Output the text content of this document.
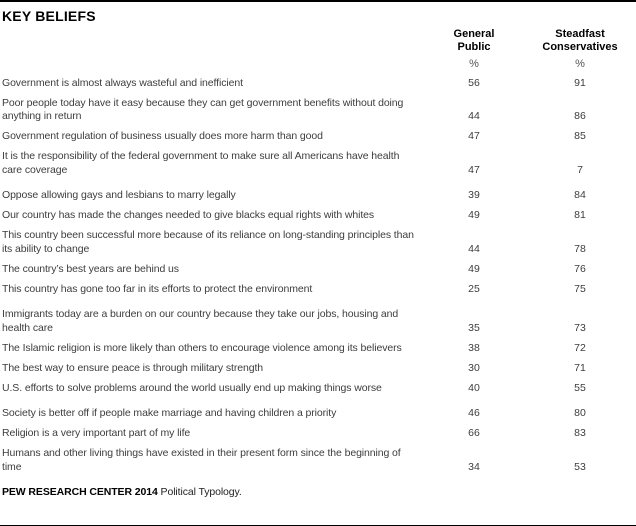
KEY BELIEFS
General Public
Steadfast Conservatives
%	%
Government is almost always wasteful and inefficient	56	91
Poor people today have it easy because they can get government benefits without doing anything in return	44	86
Government regulation of business usually does more harm than good	47	85
It is the responsibility of the federal government to make sure all Americans have health care coverage	47	7
Oppose allowing gays and lesbians to marry legally	39	84
Our country has made the changes needed to give blacks equal rights with whites	49	81
This country been successful more because of its reliance on long-standing principles than its ability to change	44	78
The country’s best years are behind us	49	76
This country has gone too far in its efforts to protect the environment	25	75
Immigrants today are a burden on our country because they take our jobs, housing and health care	35	73
The Islamic religion is more likely than others to encourage violence among its believers	38	72
The best way to ensure peace is through military strength	30	71
U.S. efforts to solve problems around the world usually end up making things worse	40	55
Society is better off if people make marriage and having children a priority	46	80
Religion is a very important part of my life	66	83
Humans and other living things have existed in their present form since the beginning of time	34	53
PEW RESEARCH CENTER 2014 Political Typology.
